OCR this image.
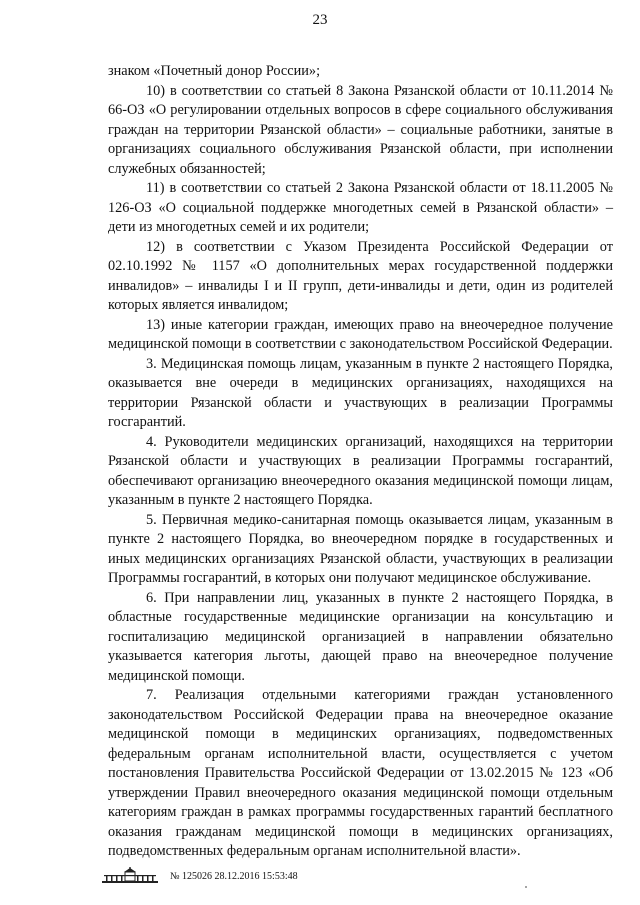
23

знаком «Почетный донор России»;

10) в соответствии со статьей 8 Закона Рязанской области от 10.11.2014 № 66-ОЗ «О регулировании отдельных вопросов в сфере социального обслуживания граждан на территории Рязанской области» – социальные работники, занятые в организациях социального обслуживания Рязанской области, при исполнении служебных обязанностей;

11) в соответствии со статьей 2 Закона Рязанской области от 18.11.2005 № 126-ОЗ «О социальной поддержке многодетных семей в Рязанской области» – дети из многодетных семей и их родители;

12) в соответствии с Указом Президента Российской Федерации от 02.10.1992 № 1157 «О дополнительных мерах государственной поддержки инвалидов» – инвалиды I и II групп, дети-инвалиды и дети, один из родителей которых является инвалидом;

13) иные категории граждан, имеющих право на внеочередное получение медицинской помощи в соответствии с законодательством Российской Федерации.

3. Медицинская помощь лицам, указанным в пункте 2 настоящего Порядка, оказывается вне очереди в медицинских организациях, находящихся на территории Рязанской области и участвующих в реализации Программы госгарантий.

4. Руководители медицинских организаций, находящихся на территории Рязанской области и участвующих в реализации Программы госгарантий, обеспечивают организацию внеочередного оказания медицинской помощи лицам, указанным в пункте 2 настоящего Порядка.

5. Первичная медико-санитарная помощь оказывается лицам, указанным в пункте 2 настоящего Порядка, во внеочередном порядке в государственных и иных медицинских организациях Рязанской области, участвующих в реализации Программы госгарантий, в которых они получают медицинское обслуживание.

6. При направлении лиц, указанных в пункте 2 настоящего Порядка, в областные государственные медицинские организации на консультацию и госпитализацию медицинской организацией в направлении обязательно указывается категория льготы, дающей право на внеочередное получение медицинской помощи.

7. Реализация отдельными категориями граждан установленного законодательством Российской Федерации права на внеочередное оказание медицинской помощи в медицинских организациях, подведомственных федеральным органам исполнительной власти, осуществляется с учетом постановления Правительства Российской Федерации от 13.02.2015 № 123 «Об утверждении Правил внеочередного оказания медицинской помощи отдельным категориям граждан в рамках программы государственных гарантий бесплатного оказания гражданам медицинской помощи в медицинских организациях, подведомственных федеральным органам исполнительной власти».

№ 125026 28.12.2016 15:53:48
